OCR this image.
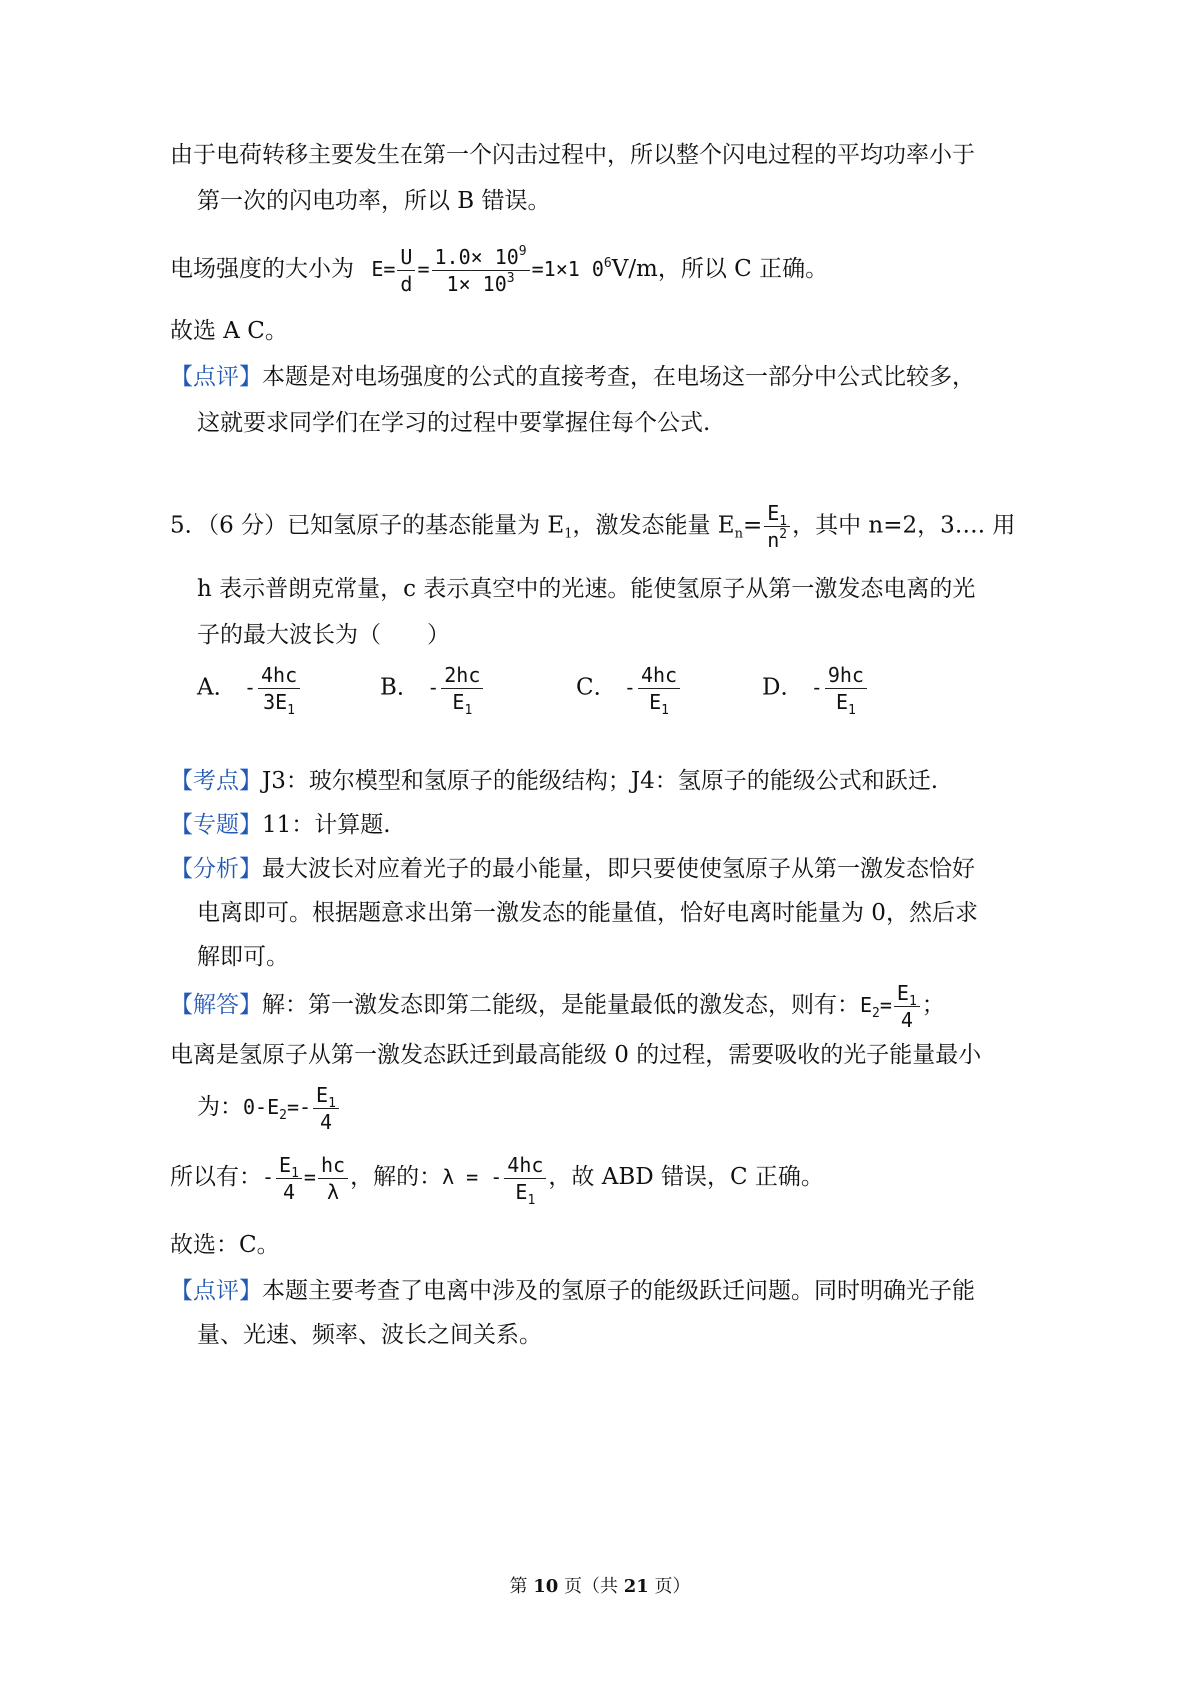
由于电荷转移主要发生在第一个闪击过程中，所以整个闪电过程的平均功率小于
第一次的闪电功率，所以 B 错误。
电场强度的大小为 $E= \frac{U}{d} = \frac{1.0\times 10^9}{1\times 10^3} =1\times 1$ $0^6V/m$，所以 C 正确。
故选 A C。
【点评】本题是对电场强度的公式的直接考查，在电场这一部分中公式比较多，
这就要求同学们在学习的过程中要掌握住每个公式.
5．（6 分）已知氢原子的基态能量为 $E_1$，激发态能量 $E_n= \frac{E_1}{n^2}$ ，其中 n=2，3…. 用
h 表示普朗克常量，c 表示真空中的光速。能使氢原子从第一激发态电离的光
子的最大波长为（　　）
A． - $\frac{4hc}{3E_1}$	B． - $\frac{2hc}{E_1}$	C． - $\frac{4hc}{E_1}$	D． - $\frac{9hc}{E_1}$
【考点】J3：玻尔模型和氢原子的能级结构；J4：氢原子的能级公式和跃迁.
【专题】11：计算题.
【分析】最大波长对应着光子的最小能量，即只要使使氢原子从第一激发态恰好
电离即可。根据题意求出第一激发态的能量值，恰好电离时能量为 0，然后求
解即可。
【解答】解：第一激发态即第二能级，是能量最低的激发态，则有：$E_2= \frac{E_1}{4}$ ；
电离是氢原子从第一激发态跃迁到最高能级 0 的过程，需要吸收的光子能量最小
为：$0-E_2=- \frac{E_1}{4}$
所以有：- $\frac{E_1}{4} = \frac{hc}{\lambda}$ ，解的：λ = - $\frac{4hc}{E_1}$ ，故 ABD 错误，C 正确。
故选：C。
【点评】本题主要考查了电离中涉及的氢原子的能级跃迁问题。同时明确光子能
量、光速、频率、波长之间关系。
第 10 页（共 21 页）
